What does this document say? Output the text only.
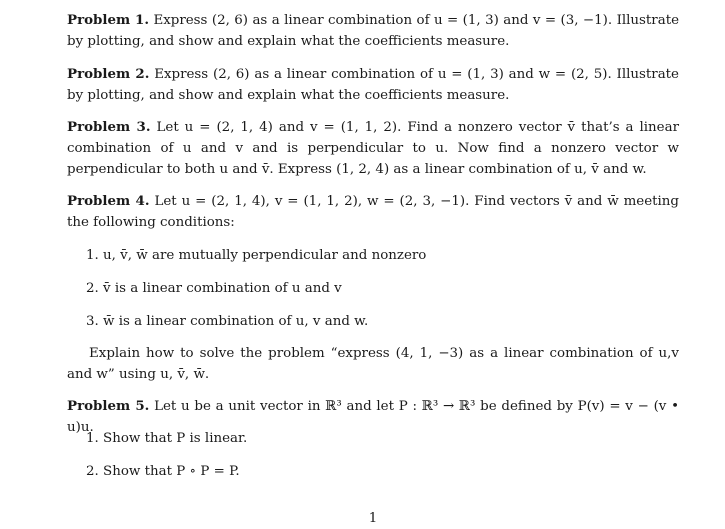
Problem 1. Express (2, 6) as a linear combination of u = (1, 3) and v = (3, −1). Illustrate by plotting, and show and explain what the coefficients measure.
Problem 2. Express (2, 6) as a linear combination of u = (1, 3) and w = (2, 5). Illustrate by plotting, and show and explain what the coefficients measure.
Problem 3. Let u = (2, 1, 4) and v = (1, 1, 2). Find a nonzero vector v̄ that’s a linear combination of u and v and is perpendicular to u. Now find a nonzero vector w perpendicular to both u and v̄. Express (1, 2, 4) as a linear combination of u, v̄ and w.
Problem 4. Let u = (2, 1, 4), v = (1, 1, 2), w = (2, 3, −1). Find vectors v̄ and w̄ meeting the following conditions:
1. u, v̄, w̄ are mutually perpendicular and nonzero
2. v̄ is a linear combination of u and v
3. w̄ is a linear combination of u, v and w.
Explain how to solve the problem “express (4, 1, −3) as a linear combination of u,v and w” using u, v̄, w̄.
Problem 5. Let u be a unit vector in ℝ³ and let P : ℝ³ → ℝ³ be defined by P(v) = v − (v • u)u.
1. Show that P is linear.
2. Show that P ∘ P = P.
1
